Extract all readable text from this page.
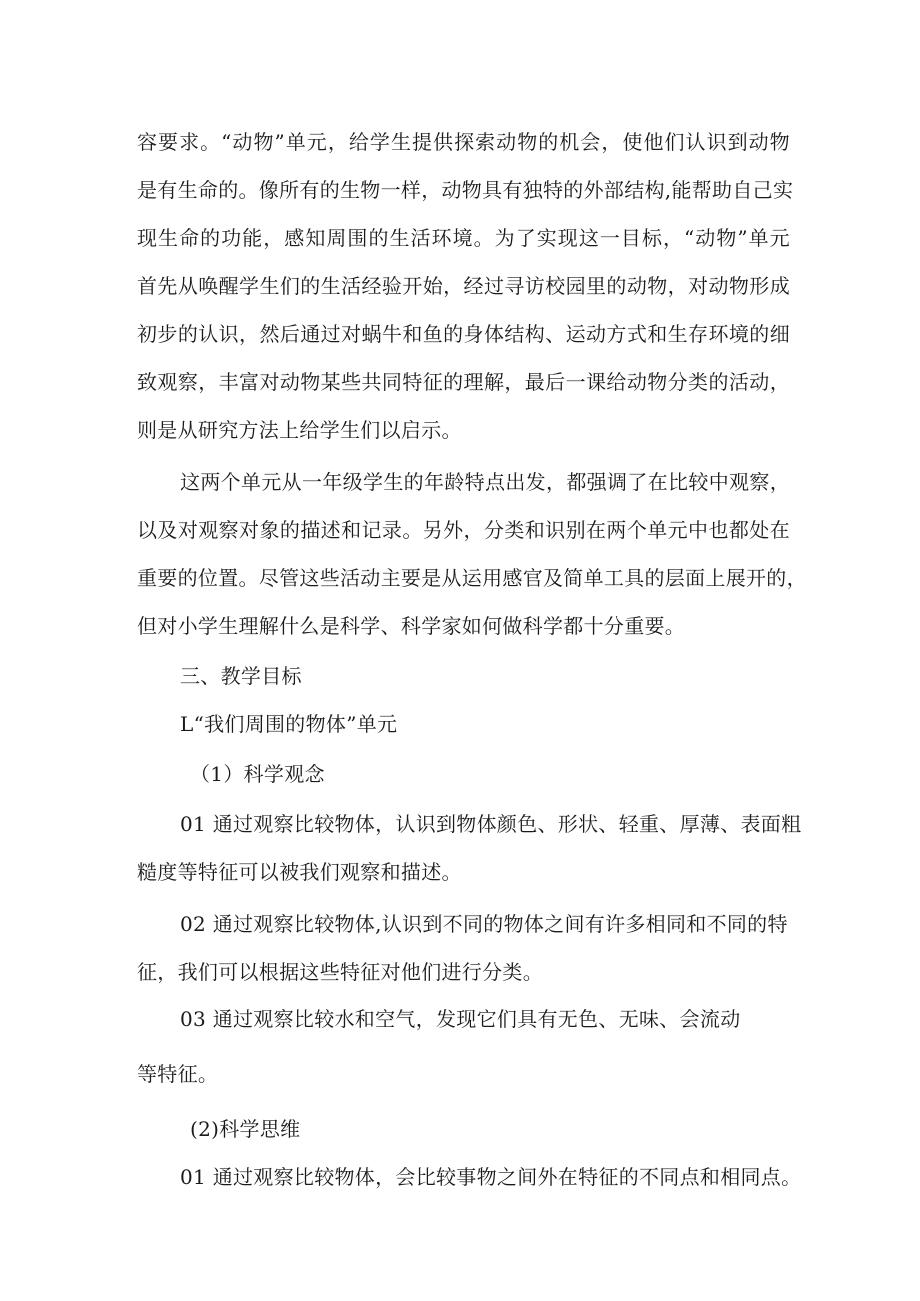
容要求。“动物”单元，给学生提供探索动物的机会，使他们认识到动物
是有生命的。像所有的生物一样，动物具有独特的外部结构,能帮助自己实
现生命的功能，感知周围的生活环境。为了实现这一目标，“动物”单元
首先从唤醒学生们的生活经验开始，经过寻访校园里的动物，对动物形成
初步的认识，然后通过对蜗牛和鱼的身体结构、运动方式和生存环境的细
致观察，丰富对动物某些共同特征的理解，最后一课给动物分类的活动，
则是从研究方法上给学生们以启示。
这两个单元从一年级学生的年龄特点出发，都强调了在比较中观察，
以及对观察对象的描述和记录。另外，分类和识别在两个单元中也都处在
重要的位置。尽管这些活动主要是从运用感官及简单工具的层面上展开的，
但对小学生理解什么是科学、科学家如何做科学都十分重要。
三、教学目标
L“我们周围的物体”单元
（1）科学观念
01 通过观察比较物体，认识到物体颜色、形状、轻重、厚薄、表面粗
糙度等特征可以被我们观察和描述。
02 通过观察比较物体,认识到不同的物体之间有许多相同和不同的特
征，我们可以根据这些特征对他们进行分类。
03 通过观察比较水和空气，发现它们具有无色、无味、会流动
等特征。
(2)科学思维
01 通过观察比较物体，会比较事物之间外在特征的不同点和相同点。
